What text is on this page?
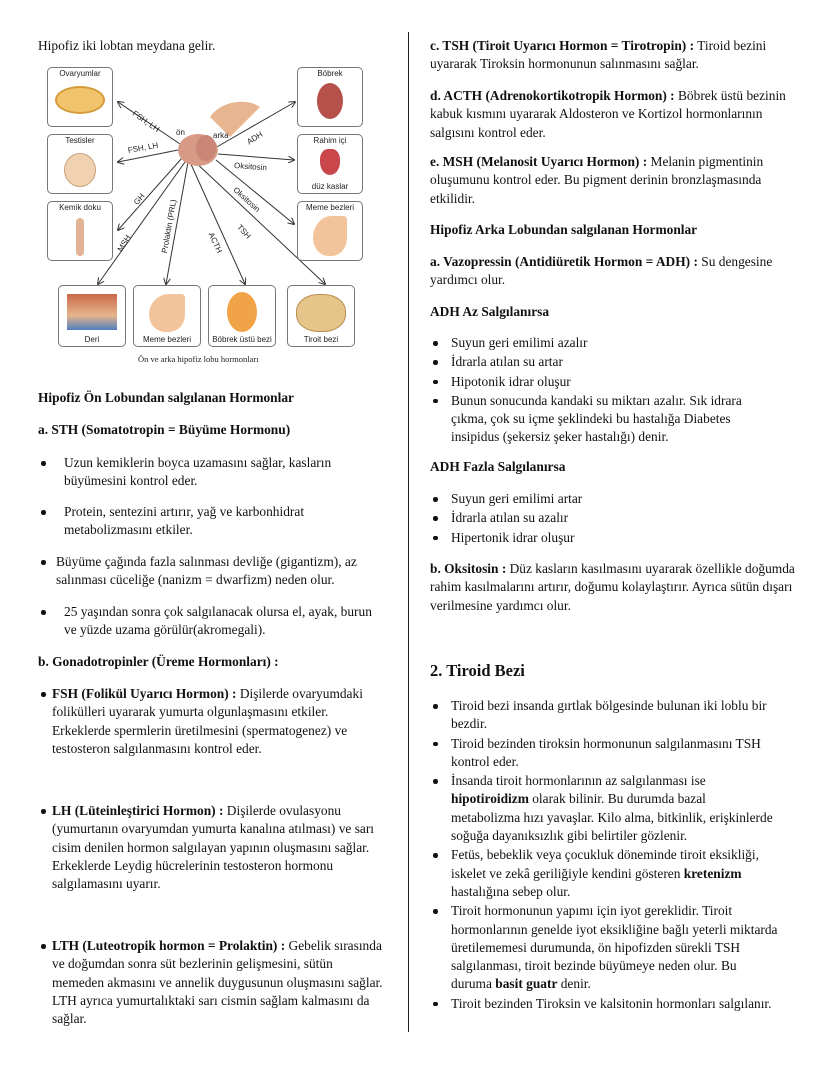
Hipofiz iki lobtan meydana gelir.
ön	arka
FSH, LH
FSH, LH
GH
MSH	Prolaktin (PRL)	ACTH	TSH
ADH
Oksitosin
Oksitosin
Ovaryumlar
Testisler
Kemik doku
Böbrek
Rahim içi
düz kaslar
Meme bezleri
Deri	Meme bezleri	Böbrek üstü bezi	Tiroit bezi
Ön ve arka hipofiz lobu hormonları
Hipofiz Ön Lobundan salgılanan Hormonlar
a. STH (Somatotropin = Büyüme Hormonu)
Uzun kemiklerin boyca uzamasını sağlar, kasların büyümesini kontrol eder.
Protein, sentezini artırır, yağ ve karbonhidrat metabolizmasını etkiler.
Büyüme çağında fazla salınması devliğe (gigantizm), az salınması cüceliğe (nanizm = dwarfizm) neden olur.
25 yaşından sonra çok salgılanacak olursa el, ayak, burun ve yüzde uzama görülür(akromegali).
b. Gonadotropinler (Üreme Hormonları) :
FSH (Folikül Uyarıcı Hormon) : Dişilerde ovaryumdaki folikülleri uyararak yumurta olgunlaşmasını etkiler. Erkeklerde spermlerin üretilmesini (spermatogenez) ve testosteron salgılanmasını kontrol eder.
LH (Lüteinleştirici Hormon) : Dişilerde ovulasyonu (yumurtanın ovaryumdan yumurta kanalına atılması) ve sarı cisim denilen hormon salgılayan yapının oluşmasını sağlar. Erkeklerde Leydig hücrelerinin testosteron hormonu salgılamasını uyarır.
LTH (Luteotropik hormon = Prolaktin) : Gebelik sırasında ve doğumdan sonra süt bezlerinin gelişmesini, sütün memeden akmasını ve annelik duygusunun oluşmasını sağlar. LTH ayrıca yumurtalıktaki sarı cismin sağlam kalmasını da sağlar.
c. TSH (Tiroit Uyarıcı Hormon = Tirotropin) : Tiroid bezini uyararak Tiroksin hormonunun salınmasını sağlar.
d. ACTH (Adrenokortikotropik Hormon) : Böbrek üstü bezinin kabuk kısmını uyararak Aldosteron ve Kortizol hormonlarının salgısını kontrol eder.
e. MSH (Melanosit Uyarıcı Hormon) : Melanin pigmentinin oluşumunu kontrol eder. Bu pigment derinin bronzlaşmasında etkilidir.
Hipofiz Arka Lobundan salgılanan Hormonlar
a. Vazopressin (Antidiüretik Hormon = ADH) : Su dengesine yardımcı olur.
ADH Az Salgılanırsa
Suyun geri emilimi azalır
İdrarla atılan su artar
Hipotonik idrar oluşur
Bunun sonucunda kandaki su miktarı azalır. Sık idrara çıkma, çok su içme şeklindeki bu hastalığa Diabetes insipidus (şekersiz şeker hastalığı) denir.
ADH Fazla Salgılanırsa
Suyun geri emilimi artar
İdrarla atılan su azalır
Hipertonik idrar oluşur
b. Oksitosin : Düz kasların kasılmasını uyararak özellikle doğumda rahim kasılmalarını artırır, doğumu kolaylaştırır. Ayrıca sütün dışarı verilmesine yardımcı olur.
2. Tiroid Bezi
Tiroid bezi insanda gırtlak bölgesinde bulunan iki loblu bir bezdir.
Tiroid bezinden tiroksin hormonunun salgılanmasını TSH kontrol eder.
İnsanda tiroit hormonlarının az salgılanması ise hipotiroidizm olarak bilinir. Bu durumda bazal metabolizma hızı yavaşlar. Kilo alma, bitkinlik, erişkinlerde soğuğa dayanıksızlık gibi belirtiler gözlenir.
Fetüs, bebeklik veya çocukluk döneminde tiroit eksikliği, iskelet ve zekâ geriliğiyle kendini gösteren kretenizm hastalığına sebep olur.
Tiroit hormonunun yapımı için iyot gereklidir. Tiroit hormonlarının genelde iyot eksikliğine bağlı yeterli miktarda üretilememesi durumunda, ön hipofizden sürekli TSH salgılanması, tiroit bezinde büyümeye neden olur. Bu duruma basit guatr denir.
Tiroit bezinden Tiroksin ve kalsitonin hormonları salgılanır.
